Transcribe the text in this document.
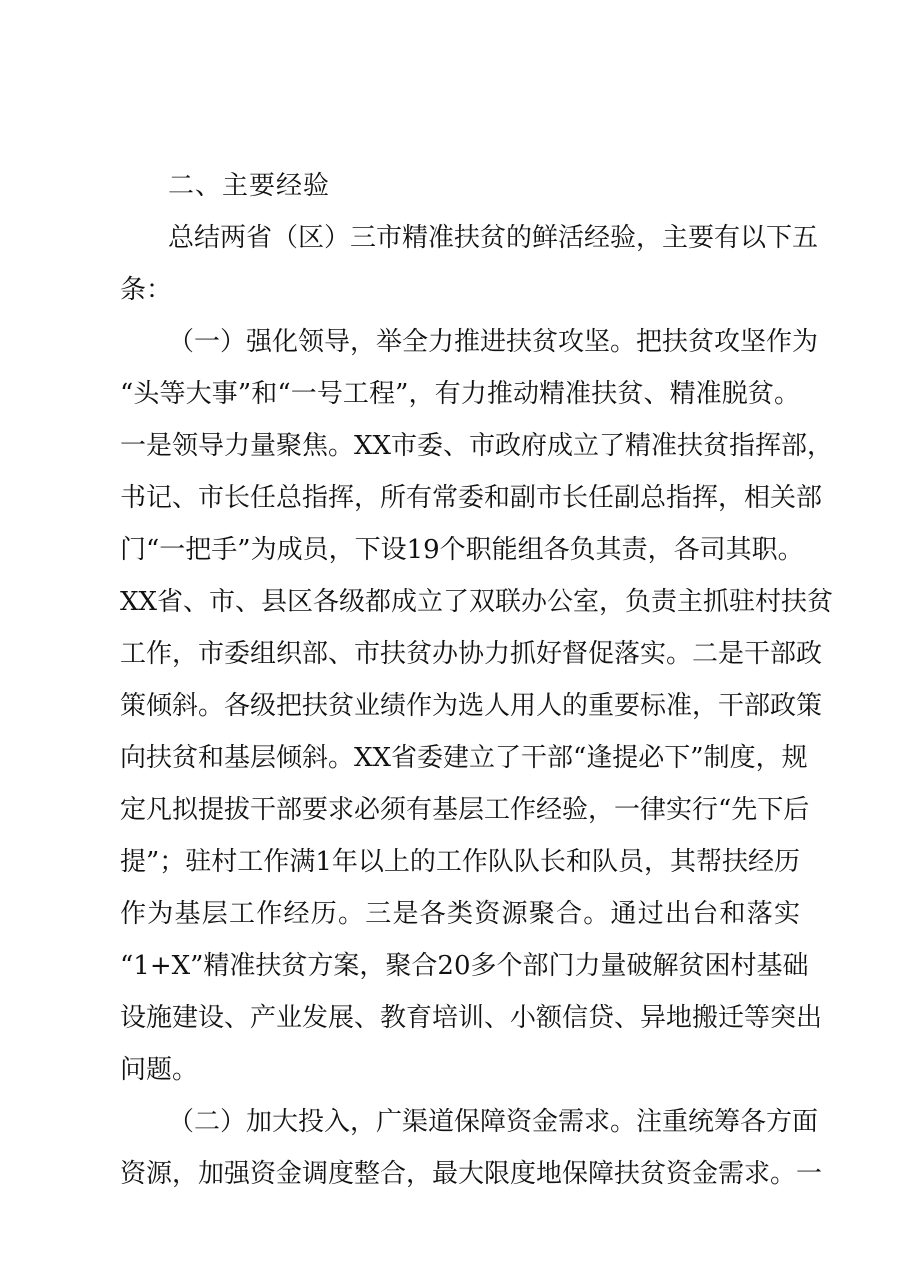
二、主要经验
总结两省（区）三市精准扶贫的鲜活经验，主要有以下五
条：
（一）强化领导，举全力推进扶贫攻坚。把扶贫攻坚作为
“头等大事”和“一号工程”，有力推动精准扶贫、精准脱贫。
一是领导力量聚焦。XX市委、市政府成立了精准扶贫指挥部，
书记、市长任总指挥，所有常委和副市长任副总指挥，相关部
门“一把手”为成员，下设19个职能组各负其责，各司其职。
XX省、市、县区各级都成立了双联办公室，负责主抓驻村扶贫
工作，市委组织部、市扶贫办协力抓好督促落实。二是干部政
策倾斜。各级把扶贫业绩作为选人用人的重要标准，干部政策
向扶贫和基层倾斜。XX省委建立了干部“逢提必下”制度，规
定凡拟提拔干部要求必须有基层工作经验，一律实行“先下后
提”；驻村工作满1年以上的工作队队长和队员，其帮扶经历
作为基层工作经历。三是各类资源聚合。通过出台和落实
“1+X”精准扶贫方案，聚合20多个部门力量破解贫困村基础
设施建设、产业发展、教育培训、小额信贷、异地搬迁等突出
问题。
（二）加大投入，广渠道保障资金需求。注重统筹各方面
资源，加强资金调度整合，最大限度地保障扶贫资金需求。一
